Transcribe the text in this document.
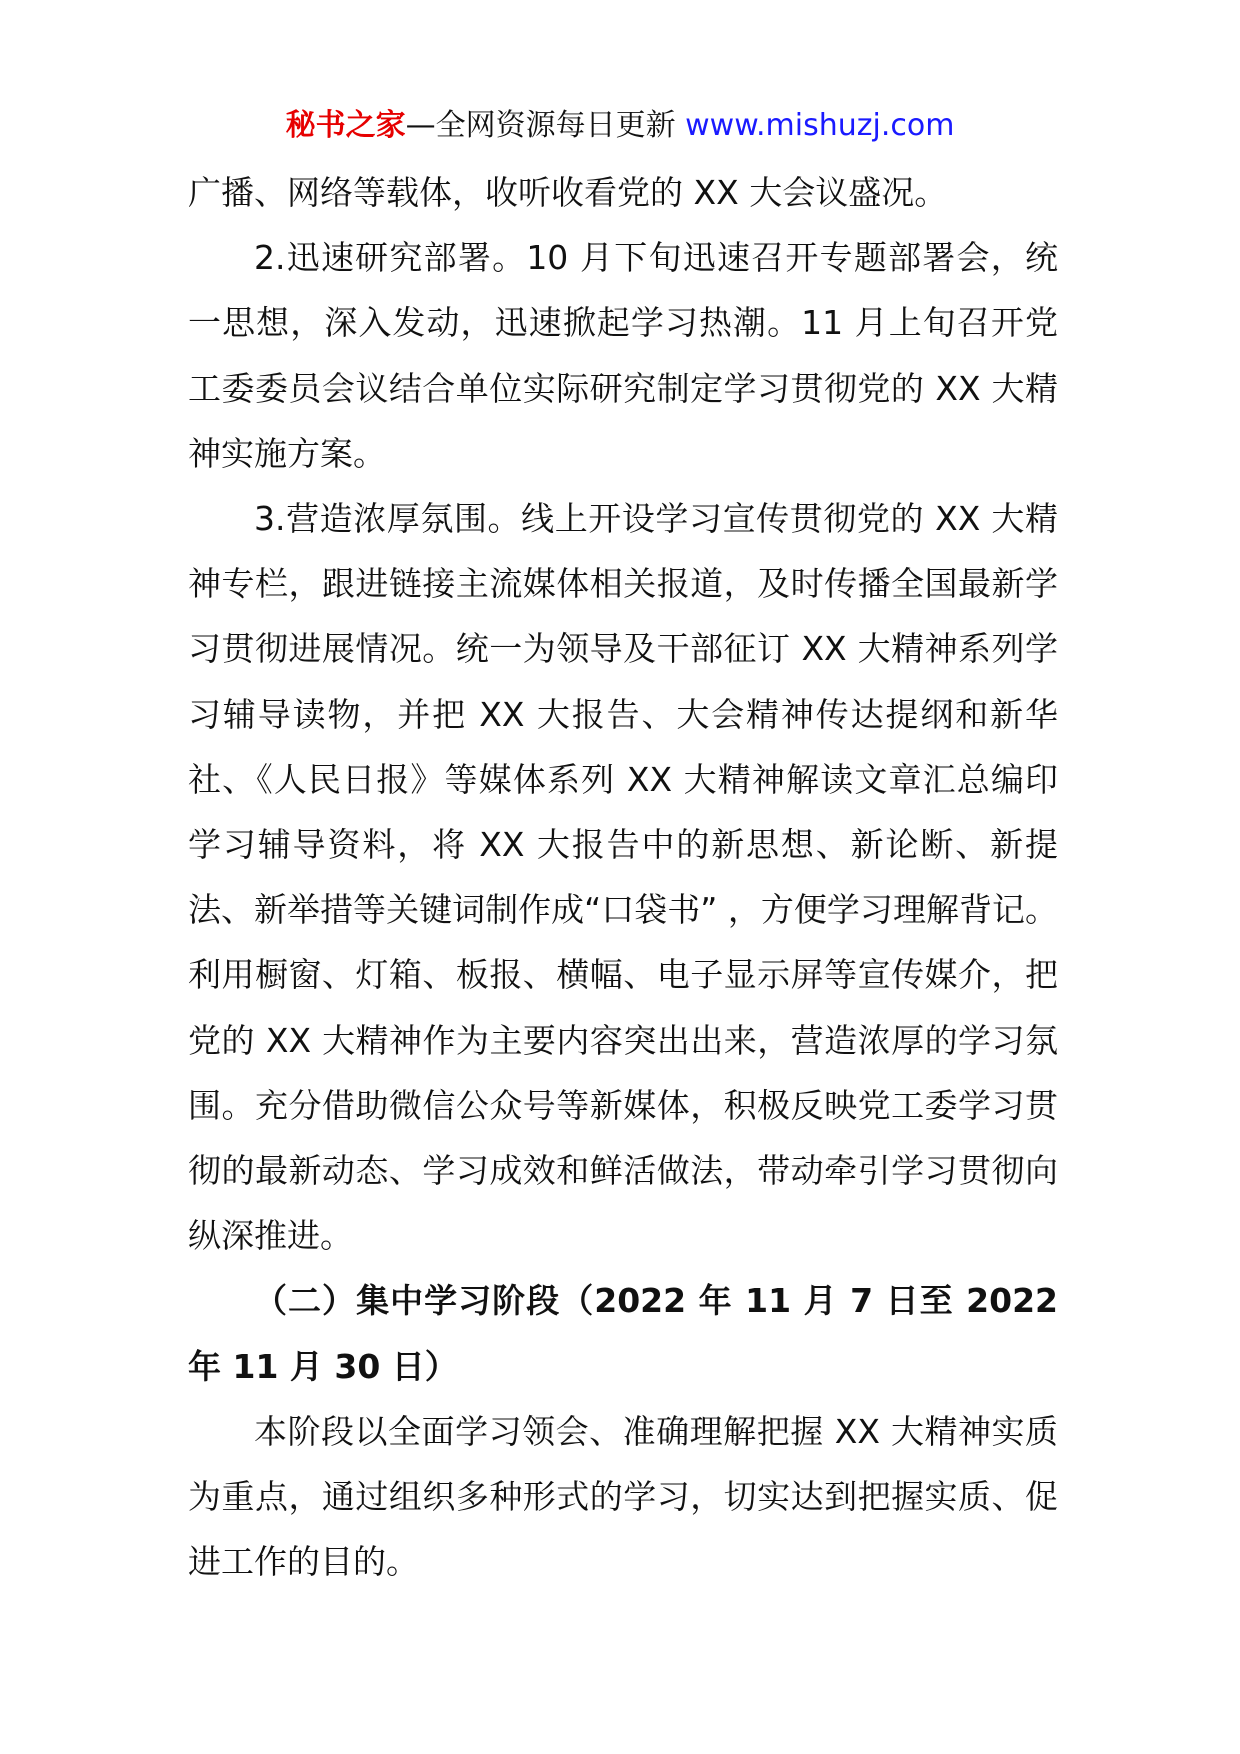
秘书之家—全网资源每日更新 www.mishuzj.com

广播、网络等载体，收听收看党的 XX 大会议盛况。

2.迅速研究部署。10 月下旬迅速召开专题部署会，统一思想，深入发动，迅速掀起学习热潮。11 月上旬召开党工委委员会议结合单位实际研究制定学习贯彻党的 XX 大精神实施方案。

3.营造浓厚氛围。线上开设学习宣传贯彻党的 XX 大精神专栏，跟进链接主流媒体相关报道，及时传播全国最新学习贯彻进展情况。统一为领导及干部征订 XX 大精神系列学习辅导读物，并把 XX 大报告、大会精神传达提纲和新华社、《人民日报》等媒体系列 XX 大精神解读文章汇总编印学习辅导资料，将 XX 大报告中的新思想、新论断、新提法、新举措等关键词制作成“口袋书” ，方便学习理解背记。利用橱窗、灯箱、板报、横幅、电子显示屏等宣传媒介，把党的 XX 大精神作为主要内容突出出来，营造浓厚的学习氛围。充分借助微信公众号等新媒体，积极反映党工委学习贯彻的最新动态、学习成效和鲜活做法，带动牵引学习贯彻向纵深推进。

（二）集中学习阶段（2022 年 11 月 7 日至 2022 年 11 月 30 日）

本阶段以全面学习领会、准确理解把握 XX 大精神实质为重点，通过组织多种形式的学习，切实达到把握实质、促进工作的目的。
